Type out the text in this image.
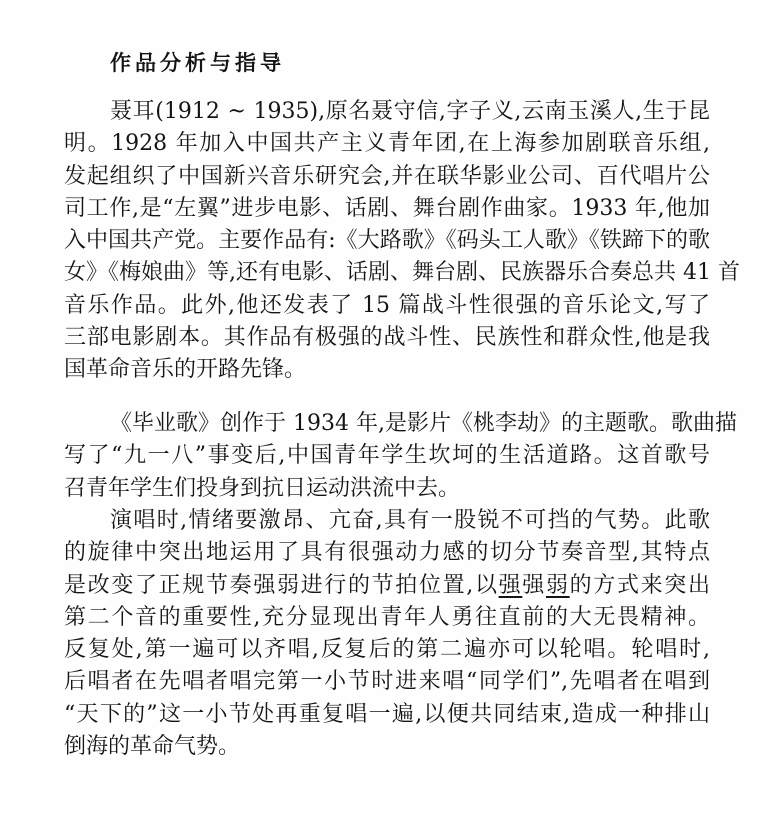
作品分析与指导
聂耳(1912 ~ 1935),原名聂守信,字子义,云南玉溪人,生于昆
明。1928 年加入中国共产主义青年团,在上海参加剧联音乐组,
发起组织了中国新兴音乐研究会,并在联华影业公司、百代唱片公
司工作,是“左翼”进步电影、话剧、舞台剧作曲家。1933 年,他加
入中国共产党。主要作品有:《大路歌》《码头工人歌》《铁蹄下的歌
女》《梅娘曲》等,还有电影、话剧、舞台剧、民族器乐合奏总共 41 首
音乐作品。此外,他还发表了 15 篇战斗性很强的音乐论文,写了
三部电影剧本。其作品有极强的战斗性、民族性和群众性,他是我
国革命音乐的开路先锋。
《毕业歌》创作于 1934 年,是影片《桃李劫》的主题歌。歌曲描
写了“九一八”事变后,中国青年学生坎坷的生活道路。这首歌号
召青年学生们投身到抗日运动洪流中去。
演唱时,情绪要激昂、亢奋,具有一股锐不可挡的气势。此歌
的旋律中突出地运用了具有很强动力感的切分节奏音型,其特点
是改变了正规节奏强弱进行的节拍位置,以强强弱的方式来突出
第二个音的重要性,充分显现出青年人勇往直前的大无畏精神。
反复处,第一遍可以齐唱,反复后的第二遍亦可以轮唱。轮唱时,
后唱者在先唱者唱完第一小节时进来唱“同学们”,先唱者在唱到
“天下的”这一小节处再重复唱一遍,以便共同结束,造成一种排山
倒海的革命气势。
